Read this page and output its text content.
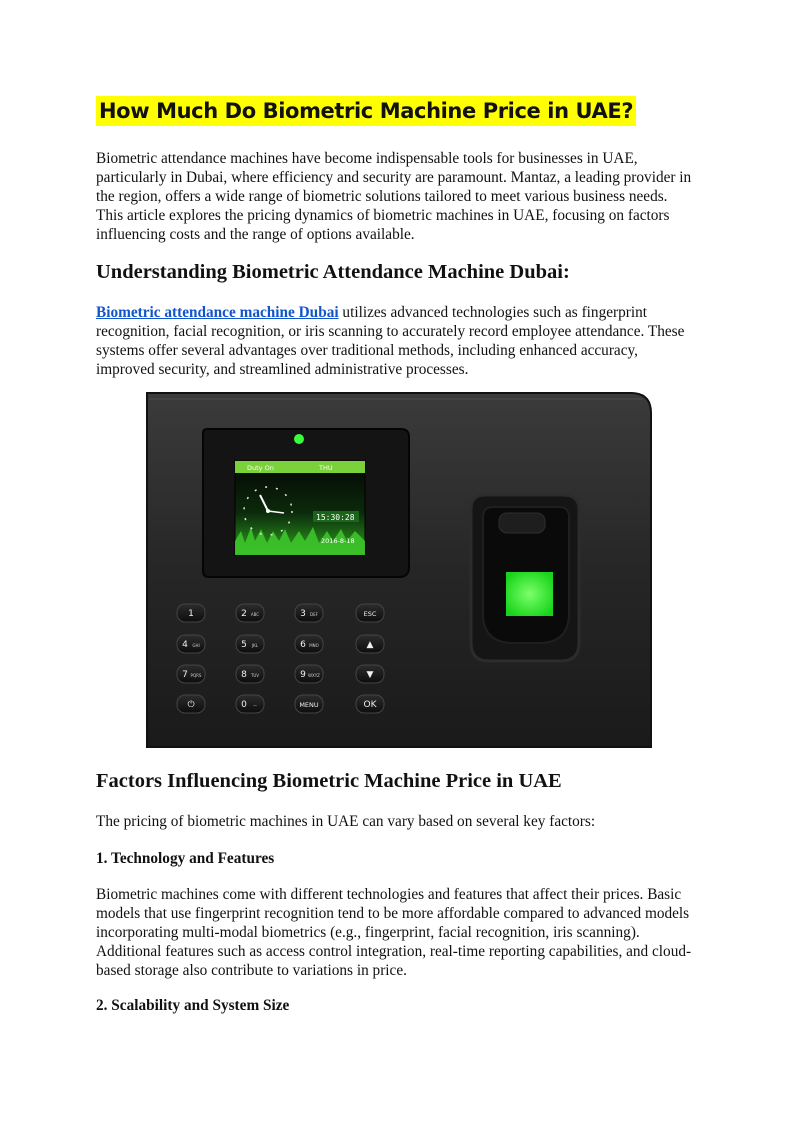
How Much Do Biometric Machine Price in UAE?

Biometric attendance machines have become indispensable tools for businesses in UAE, particularly in Dubai, where efficiency and security are paramount. Mantaz, a leading provider in the region, offers a wide range of biometric solutions tailored to meet various business needs. This article explores the pricing dynamics of biometric machines in UAE, focusing on factors influencing costs and the range of options available.

Understanding Biometric Attendance Machine Dubai:

Biometric attendance machine Dubai utilizes advanced technologies such as fingerprint recognition, facial recognition, or iris scanning to accurately record employee attendance. These systems offer several advantages over traditional methods, including enhanced accuracy, improved security, and streamlined administrative processes.

Duty On	THU
15:30:28
2016-8-18
1	2 ABC	3 DEF	ESC
4 GHI	5 JKL	6 MNO	▲
7 PQRS	8 TUV	9 WXYZ	▼
⏻	0 —	MENU	OK
Factors Influencing Biometric Machine Price in UAE

The pricing of biometric machines in UAE can vary based on several key factors:

1. Technology and Features

Biometric machines come with different technologies and features that affect their prices. Basic models that use fingerprint recognition tend to be more affordable compared to advanced models incorporating multi-modal biometrics (e.g., fingerprint, facial recognition, iris scanning). Additional features such as access control integration, real-time reporting capabilities, and cloud-based storage also contribute to variations in price.

2. Scalability and System Size
